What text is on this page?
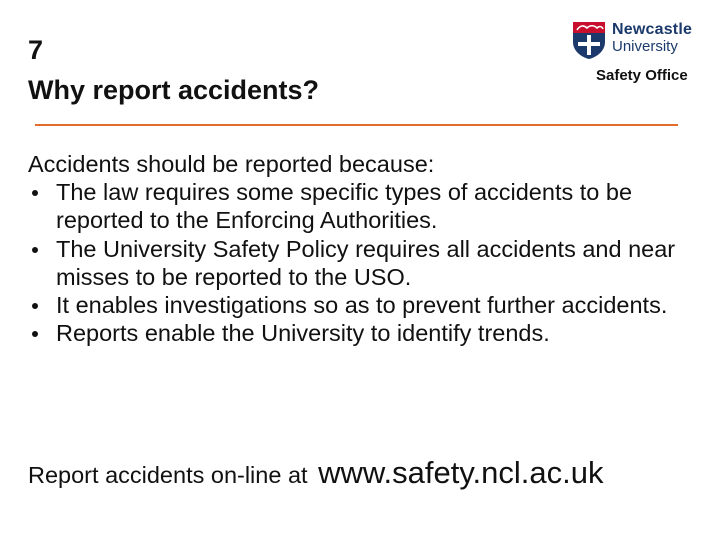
7
Why report accidents?
Newcastle
University
Safety Office
Accidents should be reported because:
The law requires some specific types of accidents to be reported to the Enforcing Authorities.
The University Safety Policy requires all accidents and near misses to be reported to the USO.
It enables investigations so as to prevent further accidents.
Reports enable the University to identify trends.
Report accidents on-line at www.safety.ncl.ac.uk
